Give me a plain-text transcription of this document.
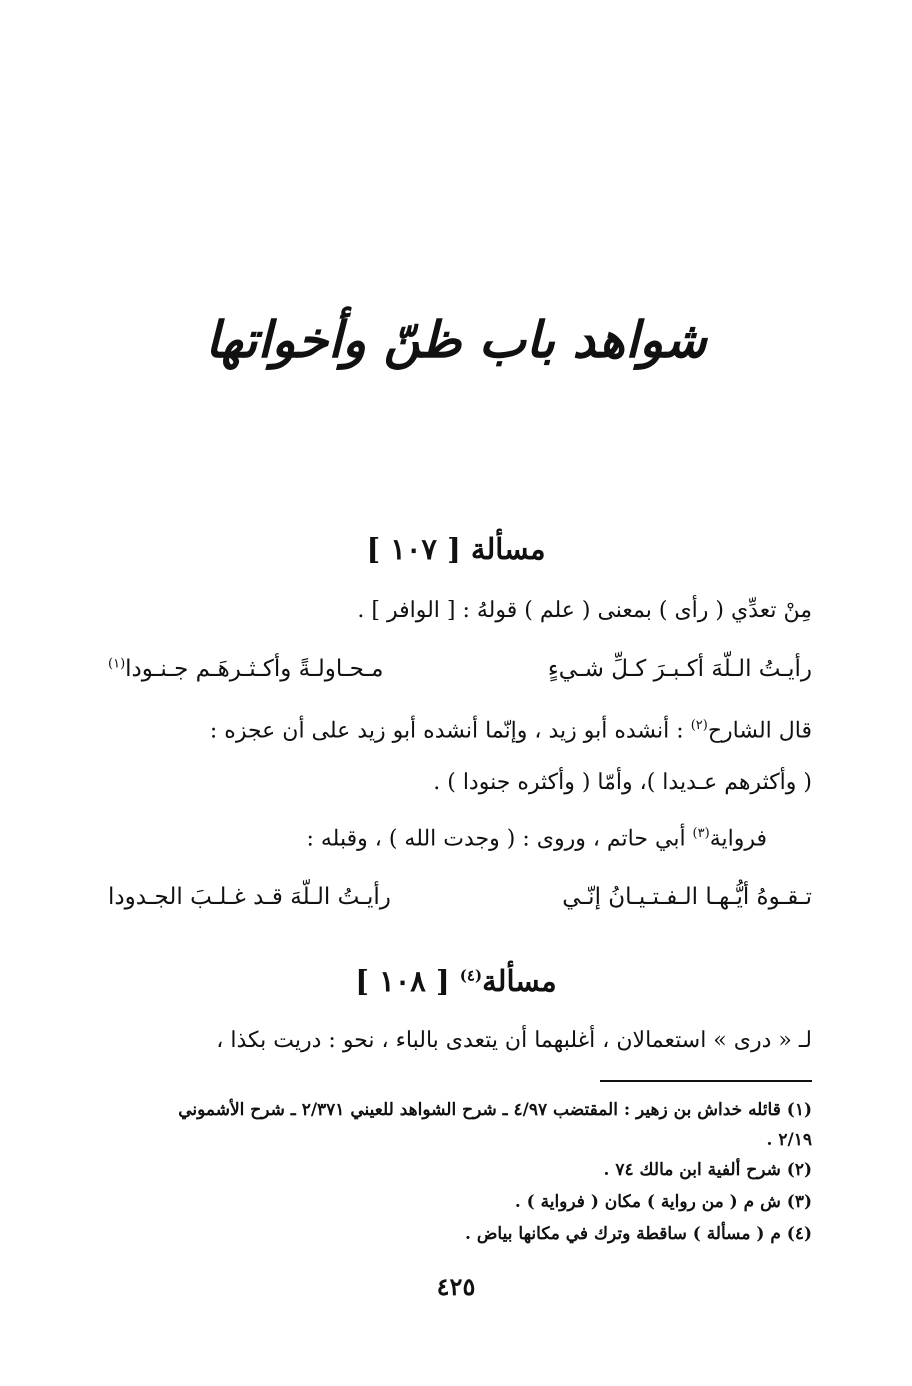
شواهد باب ظنّ وأخواتها
مسألة [ ١٠٧ ]
مِنْ تعدِّي ( رأى ) بمعنى ( علم ) قولهُ : [ الوافر ] .
رأيـتُ الـلّهَ أكـبـرَ كـلِّ شـيءٍ
مـحـاولـةً وأكـثـرهَـم جـنـودا$^{(١)}$
قال الشارح$^{(٢)}$ : أنشده أبو زيد ، وإنّما أنشده أبو زيد على أن عجزه :
( وأكثرهم عـديدا )، وأمّا ( وأكثره جنودا ) .
فرواية$^{(٣)}$ أبي حاتم ، وروى : ( وجدت الله ) ، وقبله :
تـقـوهُ أيُّـهـا الـفـتـيـانُ إنّـي
رأيـتُ الـلّهَ قـد غـلـبَ الجـدودا
مسألة$^{(٤)}$ [ ١٠٨ ]
لـ « درى » استعمالان ، أغلبهما أن يتعدى بالباء ، نحو : دريت بكذا ،
(١) قائله خداش بن زهير : المقتضب ٤/٩٧ ـ شرح الشواهد للعيني ٢/٣٧١ ـ شرح الأشموني
٢/١٩ .
(٢) شرح ألفية ابن مالك ٧٤ .
(٣) ش م ( من رواية ) مكان ( فرواية ) .
(٤) م ( مسألة ) ساقطة وترك في مكانها بياض .
٤٢٥
